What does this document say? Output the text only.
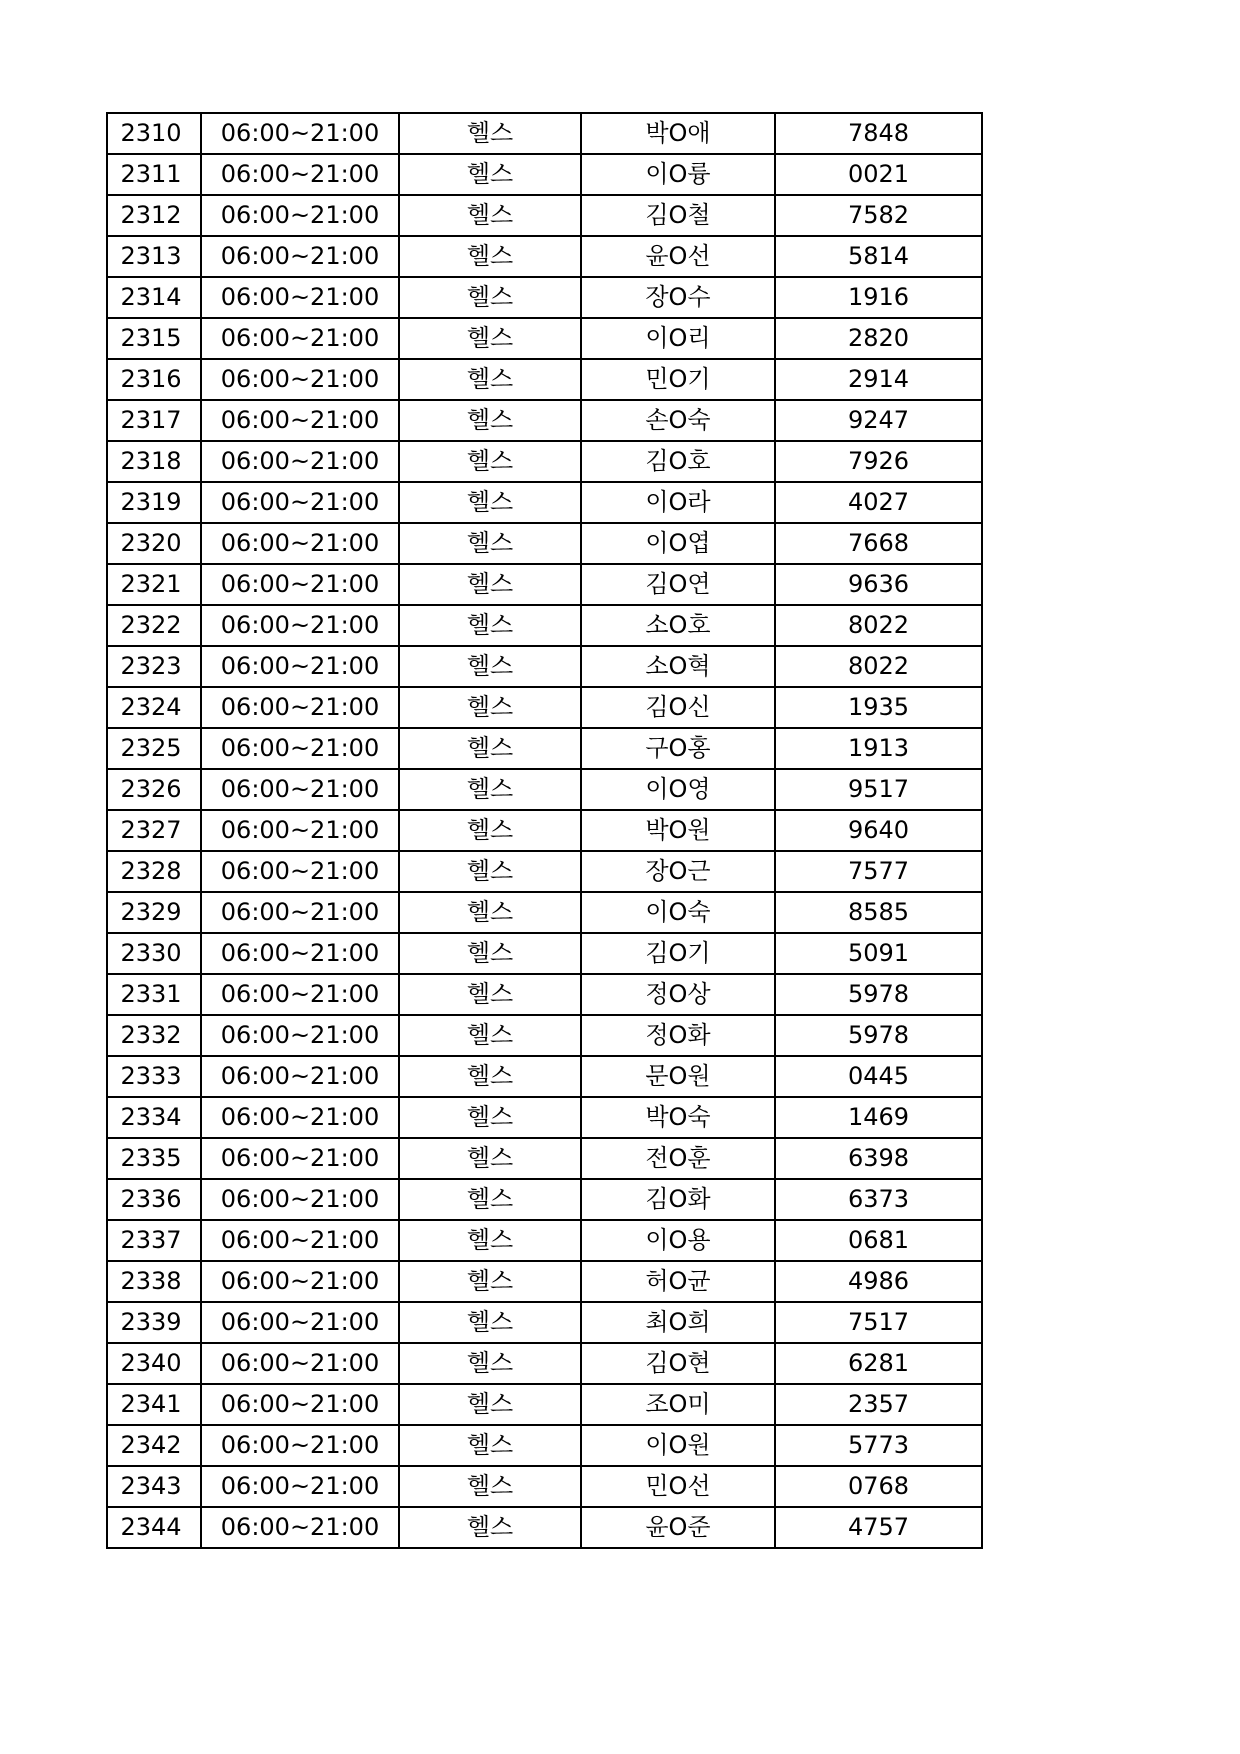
2310	06:00~21:00	헬스	박O애	7848
2311	06:00~21:00	헬스	이O륭	0021
2312	06:00~21:00	헬스	김O철	7582
2313	06:00~21:00	헬스	윤O선	5814
2314	06:00~21:00	헬스	장O수	1916
2315	06:00~21:00	헬스	이O리	2820
2316	06:00~21:00	헬스	민O기	2914
2317	06:00~21:00	헬스	손O숙	9247
2318	06:00~21:00	헬스	김O호	7926
2319	06:00~21:00	헬스	이O라	4027
2320	06:00~21:00	헬스	이O엽	7668
2321	06:00~21:00	헬스	김O연	9636
2322	06:00~21:00	헬스	소O호	8022
2323	06:00~21:00	헬스	소O혁	8022
2324	06:00~21:00	헬스	김O신	1935
2325	06:00~21:00	헬스	구O홍	1913
2326	06:00~21:00	헬스	이O영	9517
2327	06:00~21:00	헬스	박O원	9640
2328	06:00~21:00	헬스	장O근	7577
2329	06:00~21:00	헬스	이O숙	8585
2330	06:00~21:00	헬스	김O기	5091
2331	06:00~21:00	헬스	정O상	5978
2332	06:00~21:00	헬스	정O화	5978
2333	06:00~21:00	헬스	문O원	0445
2334	06:00~21:00	헬스	박O숙	1469
2335	06:00~21:00	헬스	전O훈	6398
2336	06:00~21:00	헬스	김O화	6373
2337	06:00~21:00	헬스	이O용	0681
2338	06:00~21:00	헬스	허O균	4986
2339	06:00~21:00	헬스	최O희	7517
2340	06:00~21:00	헬스	김O현	6281
2341	06:00~21:00	헬스	조O미	2357
2342	06:00~21:00	헬스	이O원	5773
2343	06:00~21:00	헬스	민O선	0768
2344	06:00~21:00	헬스	윤O준	4757
